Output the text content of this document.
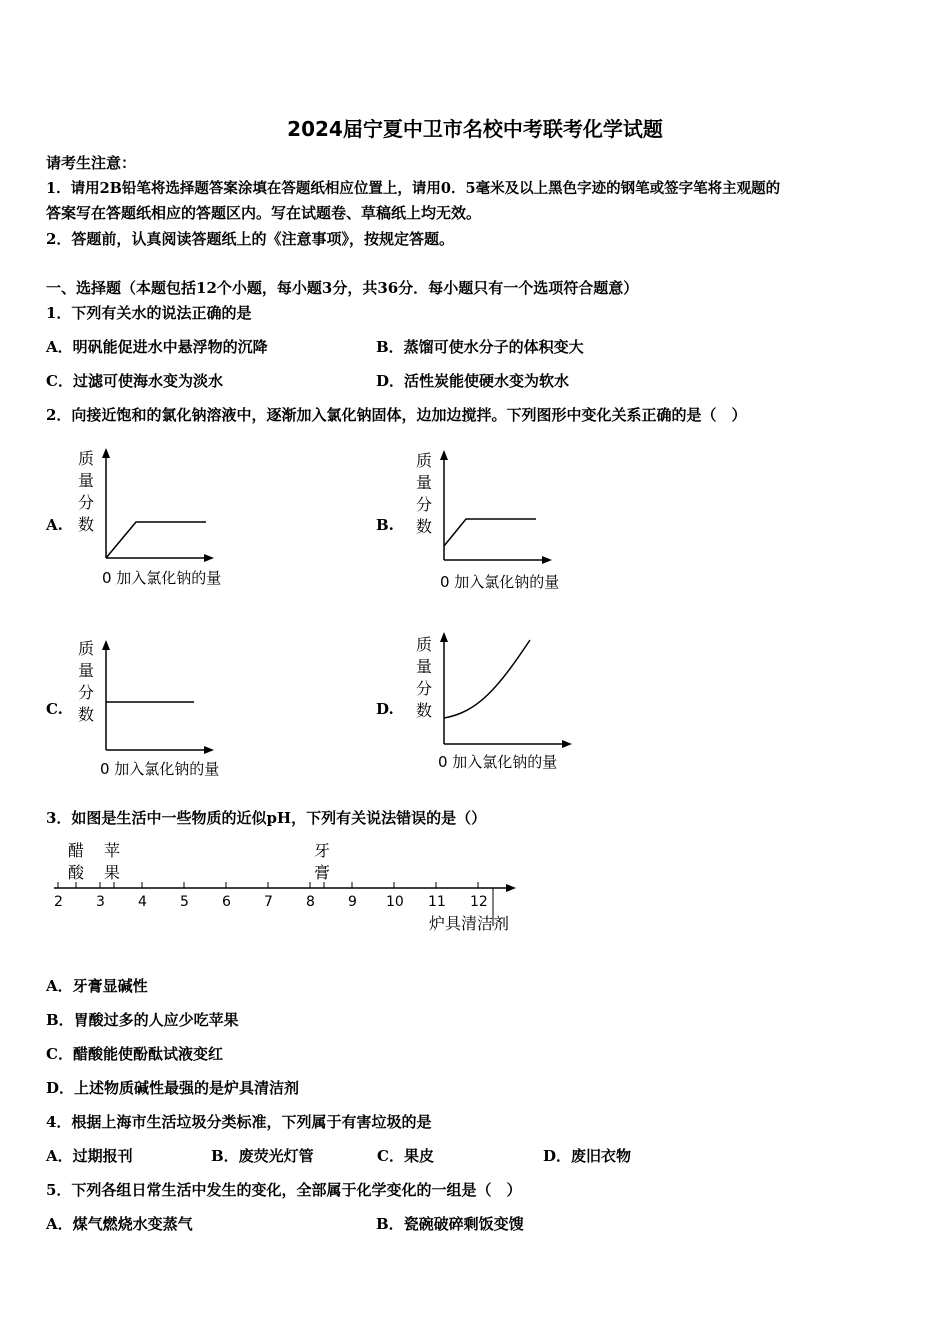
2024届宁夏中卫市名校中考联考化学试题
请考生注意：
1．请用2B铅笔将选择题答案涂填在答题纸相应位置上，请用0．5毫米及以上黑色字迹的钢笔或签字笔将主观题的
答案写在答题纸相应的答题区内。写在试题卷、草稿纸上均无效。
2．答题前，认真阅读答题纸上的《注意事项》，按规定答题。
一、选择题（本题包括12个小题，每小题3分，共36分．每小题只有一个选项符合题意）
1．下列有关水的说法正确的是
A．明矾能促进水中悬浮物的沉降	B．蒸馏可使水分子的体积变大
C．过滤可使海水变为淡水	D．活性炭能使硬水变为软水
2．向接近饱和的氯化钠溶液中，逐渐加入氯化钠固体，边加边搅拌。下列图形中变化关系正确的是（　）
A.	B.
C.	D.
质
量
分
数
0 加入氯化钠的量
质
量
分
数
0 加入氯化钠的量
质
量
分
数
0 加入氯化钠的量
质
量
分
数
0 加入氯化钠的量
3．如图是生活中一些物质的近似pH，下列有关说法错误的是（）
醋
酸
苹
果
牙
膏
2 3 4 5 6 7 8 9 10 11 12
炉具清洁剂
A．牙膏显碱性
B．胃酸过多的人应少吃苹果
C．醋酸能使酚酞试液变红
D．上述物质碱性最强的是炉具清洁剂
4．根据上海市生活垃圾分类标准，下列属于有害垃圾的是
A．过期报刊	B．废荧光灯管	C．果皮	D．废旧衣物
5．下列各组日常生活中发生的变化，全部属于化学变化的一组是（　）
A．煤气燃烧水变蒸气	B．瓷碗破碎剩饭变馊
